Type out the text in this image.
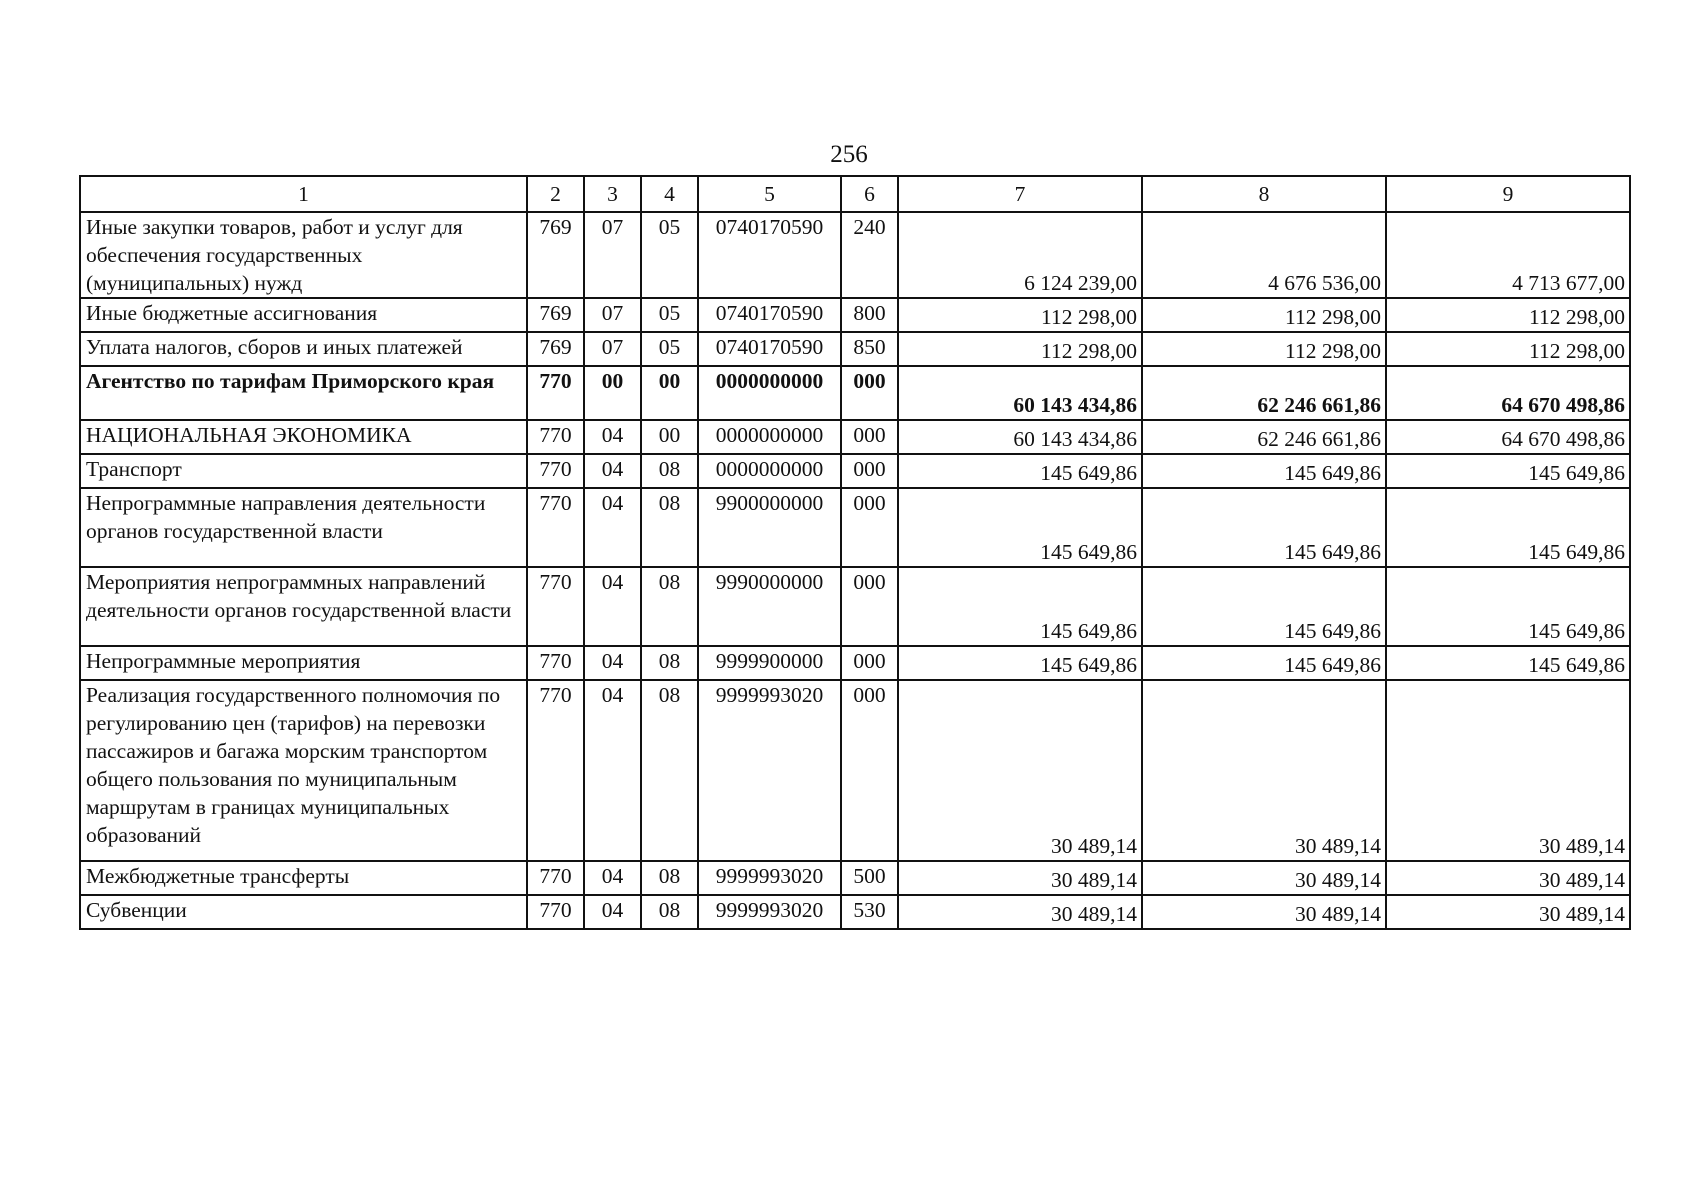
256
1	2	3	4	5	6	7	8	9
Иные закупки товаров, работ и услуг для обеспечения государственных (муниципальных) нужд	769	07	05	0740170590	240	6 124 239,00	4 676 536,00	4 713 677,00
Иные бюджетные ассигнования	769	07	05	0740170590	800	112 298,00	112 298,00	112 298,00
Уплата налогов, сборов и иных платежей	769	07	05	0740170590	850	112 298,00	112 298,00	112 298,00
Агентство по тарифам Приморского края	770	00	00	0000000000	000	60 143 434,86	62 246 661,86	64 670 498,86
НАЦИОНАЛЬНАЯ ЭКОНОМИКА	770	04	00	0000000000	000	60 143 434,86	62 246 661,86	64 670 498,86
Транспорт	770	04	08	0000000000	000	145 649,86	145 649,86	145 649,86
Непрограммные направления деятельности органов государственной власти	770	04	08	9900000000	000	145 649,86	145 649,86	145 649,86
Мероприятия непрограммных направлений деятельности органов государственной власти	770	04	08	9990000000	000	145 649,86	145 649,86	145 649,86
Непрограммные мероприятия	770	04	08	9999900000	000	145 649,86	145 649,86	145 649,86
Реализация государственного полномочия по регулированию цен (тарифов) на перевозки пассажиров и багажа морским транспортом общего пользования по муниципальным маршрутам в границах муниципальных образований	770	04	08	9999993020	000	30 489,14	30 489,14	30 489,14
Межбюджетные трансферты	770	04	08	9999993020	500	30 489,14	30 489,14	30 489,14
Субвенции	770	04	08	9999993020	530	30 489,14	30 489,14	30 489,14
